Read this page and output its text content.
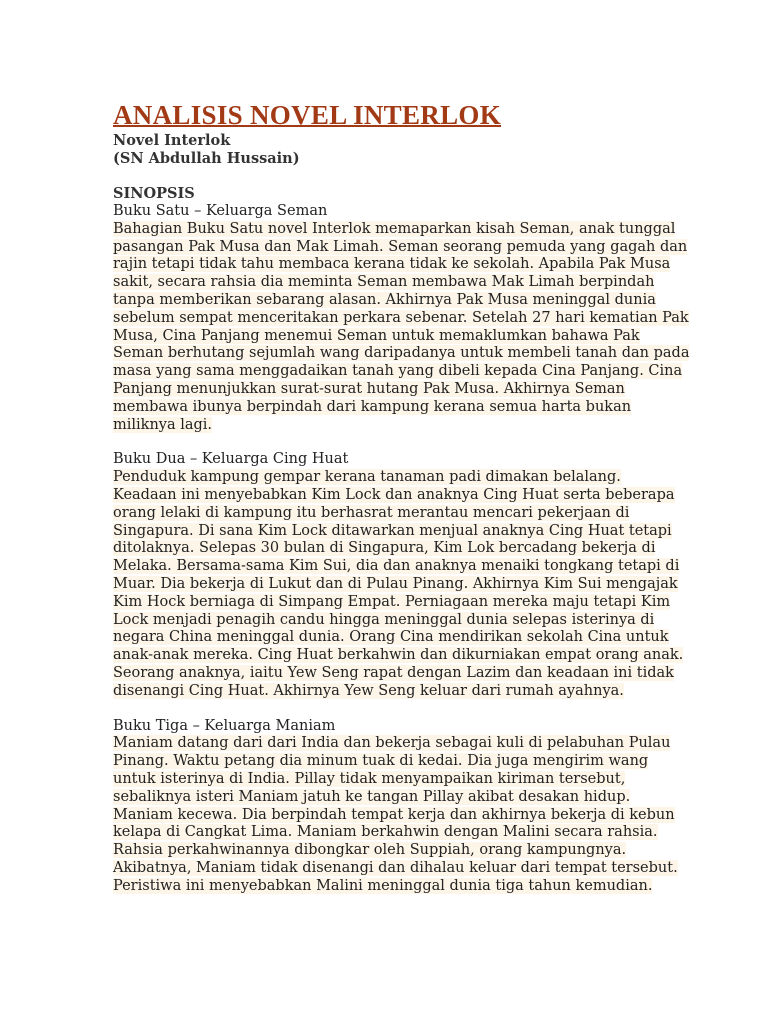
ANALISIS NOVEL INTERLOK
Novel Interlok
(SN Abdullah Hussain)
SINOPSIS
Buku Satu – Keluarga Seman
Bahagian Buku Satu novel Interlok memaparkan kisah Seman, anak tunggal
pasangan Pak Musa dan Mak Limah. Seman seorang pemuda yang gagah dan
rajin tetapi tidak tahu membaca kerana tidak ke sekolah. Apabila Pak Musa
sakit, secara rahsia dia meminta Seman membawa Mak Limah berpindah
tanpa memberikan sebarang alasan. Akhirnya Pak Musa meninggal dunia
sebelum sempat menceritakan perkara sebenar. Setelah 27 hari kematian Pak
Musa, Cina Panjang menemui Seman untuk memaklumkan bahawa Pak
Seman berhutang sejumlah wang daripadanya untuk membeli tanah dan pada
masa yang sama menggadaikan tanah yang dibeli kepada Cina Panjang. Cina
Panjang menunjukkan surat-surat hutang Pak Musa. Akhirnya Seman
membawa ibunya berpindah dari kampung kerana semua harta bukan
miliknya lagi.
Buku Dua – Keluarga Cing Huat
Penduduk kampung gempar kerana tanaman padi dimakan belalang.
Keadaan ini menyebabkan Kim Lock dan anaknya Cing Huat serta beberapa
orang lelaki di kampung itu berhasrat merantau mencari pekerjaan di
Singapura. Di sana Kim Lock ditawarkan menjual anaknya Cing Huat tetapi
ditolaknya. Selepas 30 bulan di Singapura, Kim Lok bercadang bekerja di
Melaka. Bersama-sama Kim Sui, dia dan anaknya menaiki tongkang tetapi di
Muar. Dia bekerja di Lukut dan di Pulau Pinang. Akhirnya Kim Sui mengajak
Kim Hock berniaga di Simpang Empat. Perniagaan mereka maju tetapi Kim
Lock menjadi penagih candu hingga meninggal dunia selepas isterinya di
negara China meninggal dunia. Orang Cina mendirikan sekolah Cina untuk
anak-anak mereka. Cing Huat berkahwin dan dikurniakan empat orang anak.
Seorang anaknya, iaitu Yew Seng rapat dengan Lazim dan keadaan ini tidak
disenangi Cing Huat. Akhirnya Yew Seng keluar dari rumah ayahnya.
Buku Tiga – Keluarga Maniam
Maniam datang dari dari India dan bekerja sebagai kuli di pelabuhan Pulau
Pinang. Waktu petang dia minum tuak di kedai. Dia juga mengirim wang
untuk isterinya di India. Pillay tidak menyampaikan kiriman tersebut,
sebaliknya isteri Maniam jatuh ke tangan Pillay akibat desakan hidup.
Maniam kecewa. Dia berpindah tempat kerja dan akhirnya bekerja di kebun
kelapa di Cangkat Lima. Maniam berkahwin dengan Malini secara rahsia.
Rahsia perkahwinannya dibongkar oleh Suppiah, orang kampungnya.
Akibatnya, Maniam tidak disenangi dan dihalau keluar dari tempat tersebut.
Peristiwa ini menyebabkan Malini meninggal dunia tiga tahun kemudian.
